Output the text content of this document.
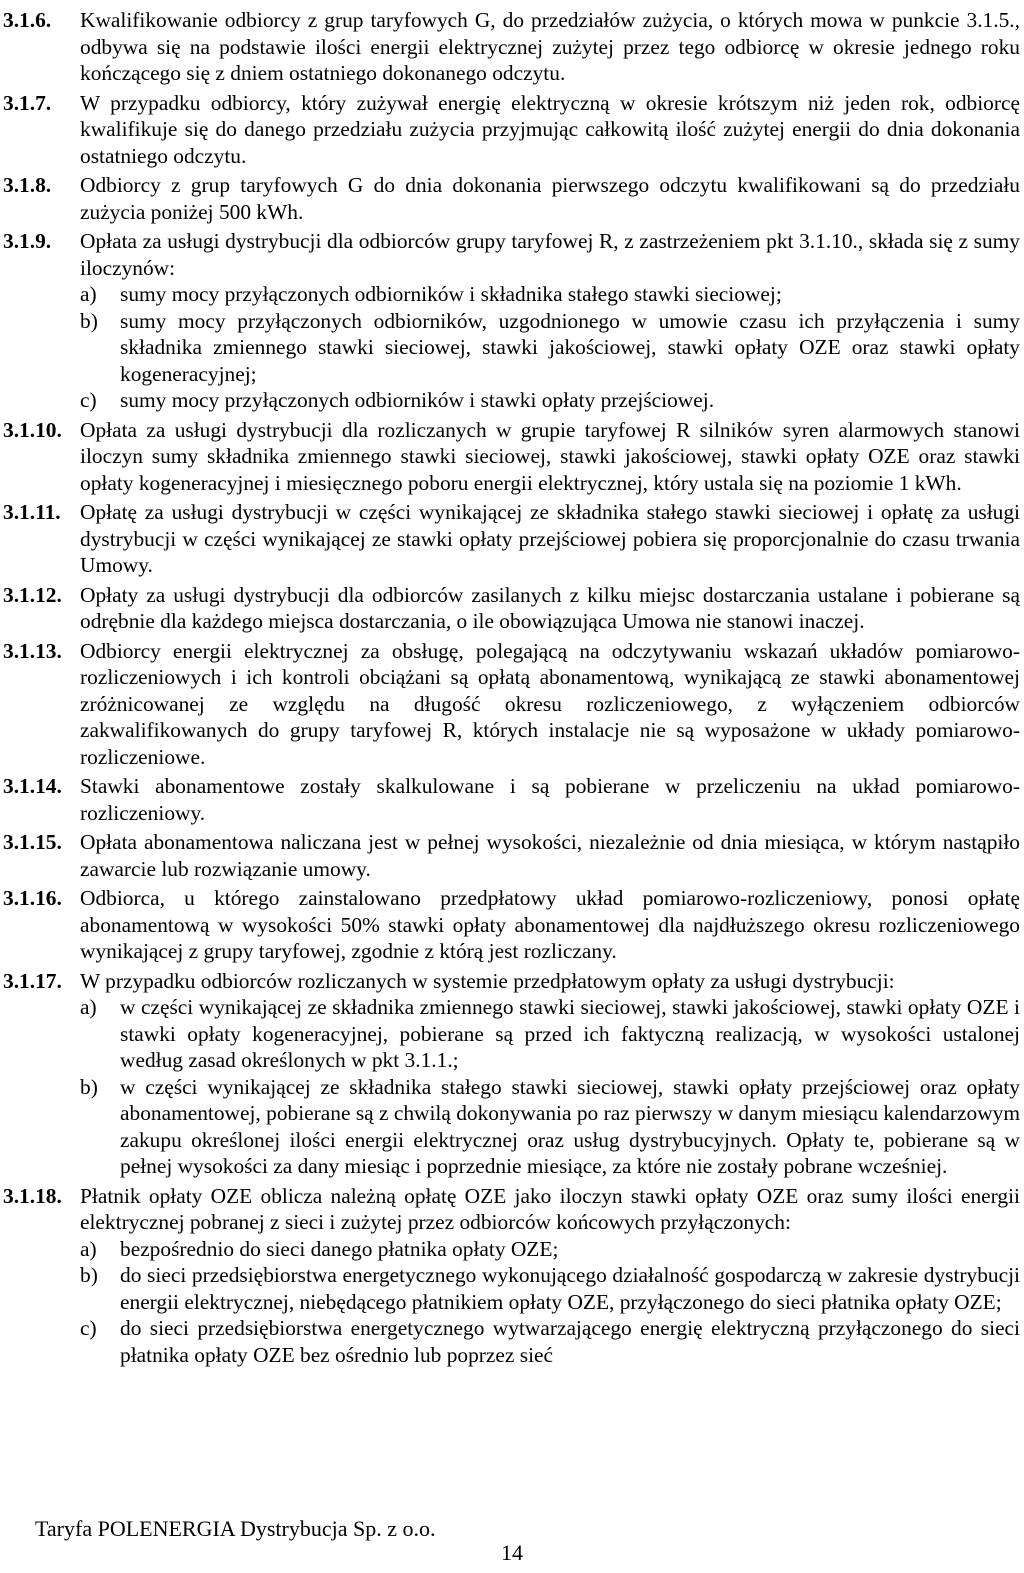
3.1.6. Kwalifikowanie odbiorcy z grup taryfowych G, do przedziałów zużycia, o których mowa w punkcie 3.1.5., odbywa się na podstawie ilości energii elektrycznej zużytej przez tego odbiorcę w okresie jednego roku kończącego się z dniem ostatniego dokonanego odczytu.
3.1.7. W przypadku odbiorcy, który zużywał energię elektryczną w okresie krótszym niż jeden rok, odbiorcę kwalifikuje się do danego przedziału zużycia przyjmując całkowitą ilość zużytej energii do dnia dokonania ostatniego odczytu.
3.1.8. Odbiorcy z grup taryfowych G do dnia dokonania pierwszego odczytu kwalifikowani są do przedziału zużycia poniżej 500 kWh.
3.1.9. Opłata za usługi dystrybucji dla odbiorców grupy taryfowej R, z zastrzeżeniem pkt 3.1.10., składa się z sumy iloczynów:
a) sumy mocy przyłączonych odbiorników i składnika stałego stawki sieciowej;
b) sumy mocy przyłączonych odbiorników, uzgodnionego w umowie czasu ich przyłączenia i sumy składnika zmiennego stawki sieciowej, stawki jakościowej, stawki opłaty OZE oraz stawki opłaty kogeneracyjnej;
c) sumy mocy przyłączonych odbiorników i stawki opłaty przejściowej.
3.1.10. Opłata za usługi dystrybucji dla rozliczanych w grupie taryfowej R silników syren alarmowych stanowi iloczyn sumy składnika zmiennego stawki sieciowej, stawki jakościowej, stawki opłaty OZE oraz stawki opłaty kogeneracyjnej i miesięcznego poboru energii elektrycznej, który ustala się na poziomie 1 kWh.
3.1.11. Opłatę za usługi dystrybucji w części wynikającej ze składnika stałego stawki sieciowej i opłatę za usługi dystrybucji w części wynikającej ze stawki opłaty przejściowej pobiera się proporcjonalnie do czasu trwania Umowy.
3.1.12. Opłaty za usługi dystrybucji dla odbiorców zasilanych z kilku miejsc dostarczania ustalane i pobierane są odrębnie dla każdego miejsca dostarczania, o ile obowiązująca Umowa nie stanowi inaczej.
3.1.13. Odbiorcy energii elektrycznej za obsługę, polegającą na odczytywaniu wskazań układów pomiarowo-rozliczeniowych i ich kontroli obciążani są opłatą abonamentową, wynikającą ze stawki abonamentowej zróżnicowanej ze względu na długość okresu rozliczeniowego, z wyłączeniem odbiorców zakwalifikowanych do grupy taryfowej R, których instalacje nie są wyposażone w układy pomiarowo-rozliczeniowe.
3.1.14. Stawki abonamentowe zostały skalkulowane i są pobierane w przeliczeniu na układ pomiarowo-rozliczeniowy.
3.1.15. Opłata abonamentowa naliczana jest w pełnej wysokości, niezależnie od dnia miesiąca, w którym nastąpiło zawarcie lub rozwiązanie umowy.
3.1.16. Odbiorca, u którego zainstalowano przedpłatowy układ pomiarowo-rozliczeniowy, ponosi opłatę abonamentową w wysokości 50% stawki opłaty abonamentowej dla najdłuższego okresu rozliczeniowego wynikającej z grupy taryfowej, zgodnie z którą jest rozliczany.
3.1.17. W przypadku odbiorców rozliczanych w systemie przedpłatowym opłaty za usługi dystrybucji:
a) w części wynikającej ze składnika zmiennego stawki sieciowej, stawki jakościowej, stawki opłaty OZE i stawki opłaty kogeneracyjnej, pobierane są przed ich faktyczną realizacją, w wysokości ustalonej według zasad określonych w pkt 3.1.1.;
b) w części wynikającej ze składnika stałego stawki sieciowej, stawki opłaty przejściowej oraz opłaty abonamentowej, pobierane są z chwilą dokonywania po raz pierwszy w danym miesiącu kalendarzowym zakupu określonej ilości energii elektrycznej oraz usług dystrybucyjnych. Opłaty te, pobierane są w pełnej wysokości za dany miesiąc i poprzednie miesiące, za które nie zostały pobrane wcześniej.
3.1.18. Płatnik opłaty OZE oblicza należną opłatę OZE jako iloczyn stawki opłaty OZE oraz sumy ilości energii elektrycznej pobranej z sieci i zużytej przez odbiorców końcowych przyłączonych:
a) bezpośrednio do sieci danego płatnika opłaty OZE;
b) do sieci przedsiębiorstwa energetycznego wykonującego działalność gospodarczą w zakresie dystrybucji energii elektrycznej, niebędącego płatnikiem opłaty OZE, przyłączonego do sieci płatnika opłaty OZE;
c) do sieci przedsiębiorstwa energetycznego wytwarzającego energię elektryczną przyłączonego do sieci płatnika opłaty OZE bez ośrednio lub poprzez sieć
Taryfa POLENERGIA Dystrybucja Sp. z o.o.
14
